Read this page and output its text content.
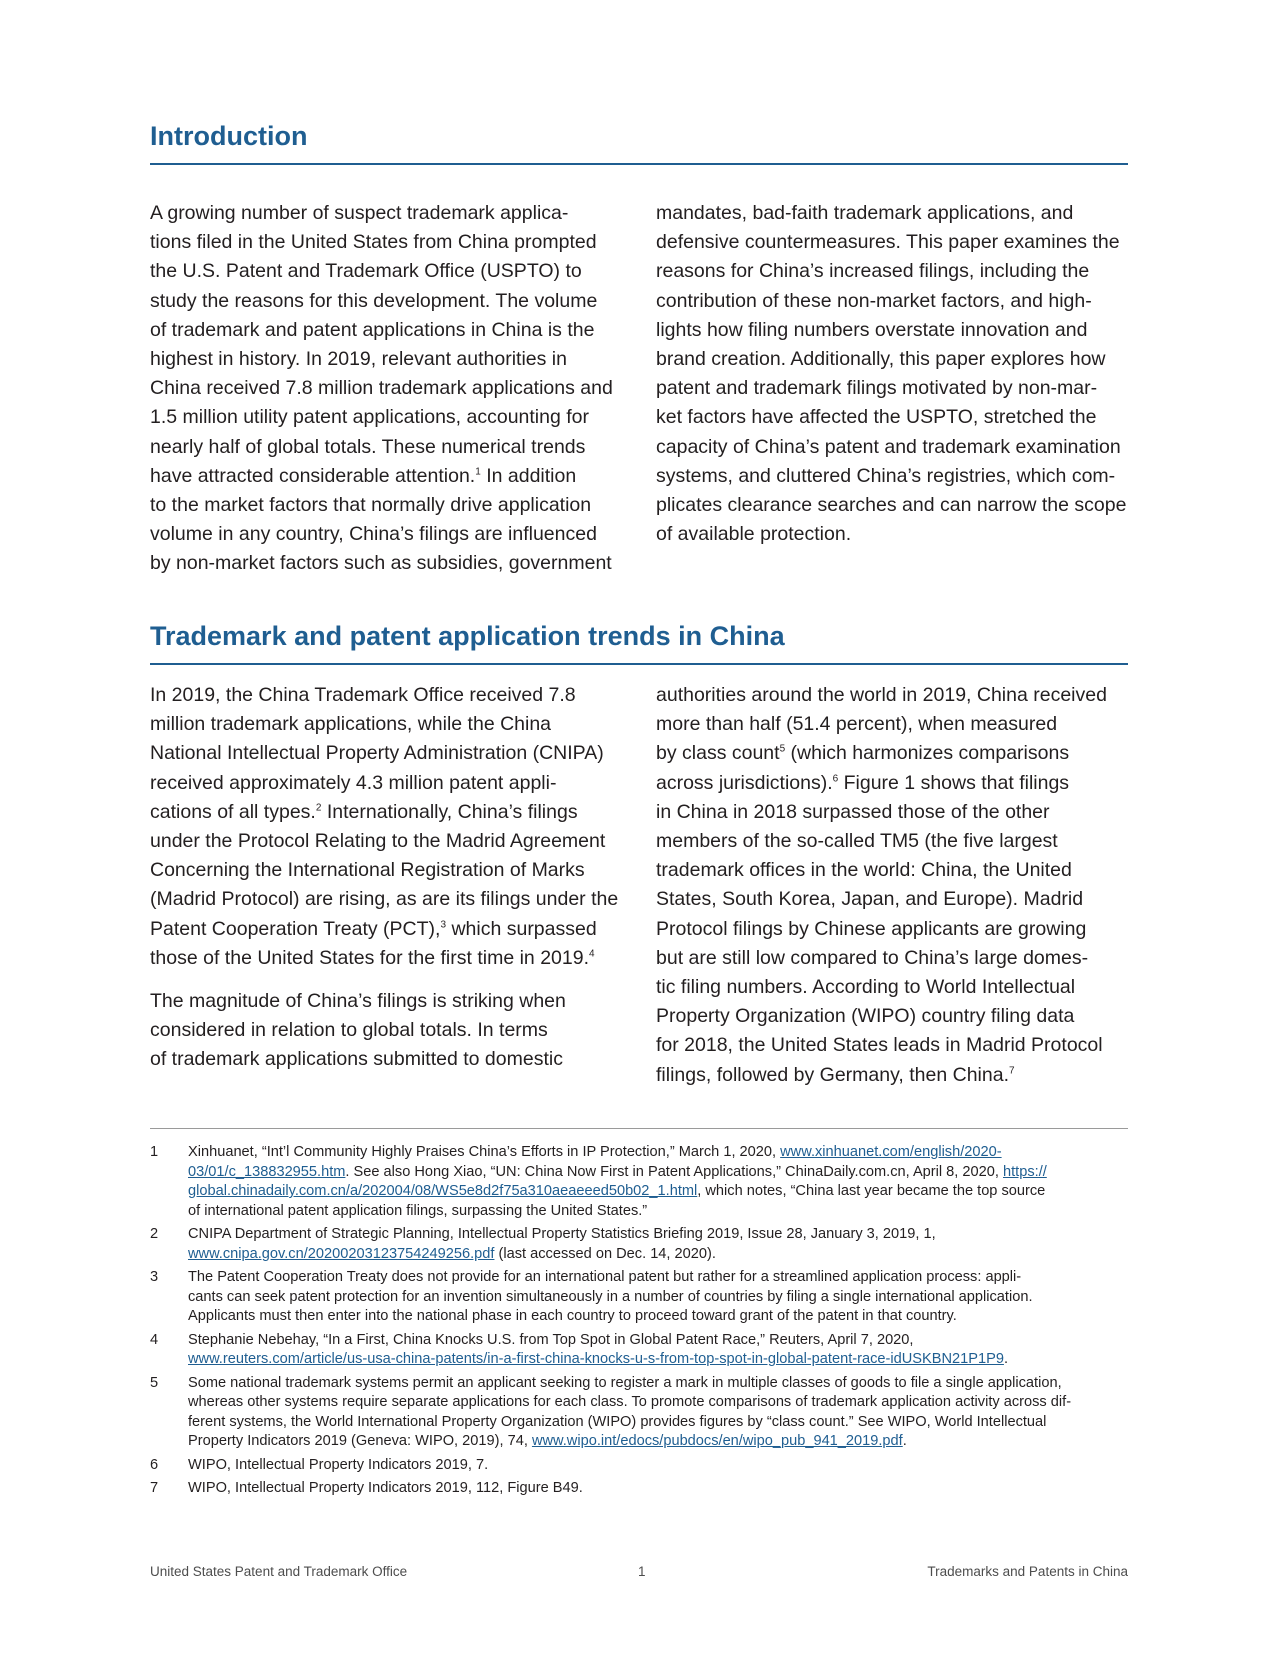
Introduction

A growing number of suspect trademark applica-
tions filed in the United States from China prompted
the U.S. Patent and Trademark Office (USPTO) to
study the reasons for this development. The volume
of trademark and patent applications in China is the
highest in history. In 2019, relevant authorities in
China received 7.8 million trademark applications and
1.5 million utility patent applications, accounting for
nearly half of global totals. These numerical trends
have attracted considerable attention.$^1$ In addition
to the market factors that normally drive application
volume in any country, China’s filings are influenced
by non-market factors such as subsidies, government

mandates, bad-faith trademark applications, and
defensive countermeasures. This paper examines the
reasons for China’s increased filings, including the
contribution of these non-market factors, and high-
lights how filing numbers overstate innovation and
brand creation. Additionally, this paper explores how
patent and trademark filings motivated by non-mar-
ket factors have affected the USPTO, stretched the
capacity of China’s patent and trademark examination
systems, and cluttered China’s registries, which com-
plicates clearance searches and can narrow the scope
of available protection.

Trademark and patent application trends in China

In 2019, the China Trademark Office received 7.8
million trademark applications, while the China
National Intellectual Property Administration (CNIPA)
received approximately 4.3 million patent appli-
cations of all types.$^2$ Internationally, China’s filings
under the Protocol Relating to the Madrid Agreement
Concerning the International Registration of Marks
(Madrid Protocol) are rising, as are its filings under the
Patent Cooperation Treaty (PCT),$^3$ which surpassed
those of the United States for the first time in 2019.$^4$

The magnitude of China’s filings is striking when
considered in relation to global totals. In terms
of trademark applications submitted to domestic

authorities around the world in 2019, China received
more than half (51.4 percent), when measured
by class count$^5$ (which harmonizes comparisons
across jurisdictions).$^6$ Figure 1 shows that filings
in China in 2018 surpassed those of the other
members of the so-called TM5 (the five largest
trademark offices in the world: China, the United
States, South Korea, Japan, and Europe). Madrid
Protocol filings by Chinese applicants are growing
but are still low compared to China’s large domes-
tic filing numbers. According to World Intellectual
Property Organization (WIPO) country filing data
for 2018, the United States leads in Madrid Protocol
filings, followed by Germany, then China.$^7$

1	Xinhuanet, “Int’l Community Highly Praises China’s Efforts in IP Protection,” March 1, 2020, www.xinhuanet.com/english/2020-
03/01/c_138832955.htm. See also Hong Xiao, “UN: China Now First in Patent Applications,” ChinaDaily.com.cn, April 8, 2020, https://
global.chinadaily.com.cn/a/202004/08/WS5e8d2f75a310aeaeeed50b02_1.html, which notes, “China last year became the top source
of international patent application filings, surpassing the United States.”
2	CNIPA Department of Strategic Planning, Intellectual Property Statistics Briefing 2019, Issue 28, January 3, 2019, 1,
www.cnipa.gov.cn/20200203123754249256.pdf (last accessed on Dec. 14, 2020).
3	The Patent Cooperation Treaty does not provide for an international patent but rather for a streamlined application process: appli-
cants can seek patent protection for an invention simultaneously in a number of countries by filing a single international application.
Applicants must then enter into the national phase in each country to proceed toward grant of the patent in that country.
4	Stephanie Nebehay, “In a First, China Knocks U.S. from Top Spot in Global Patent Race,” Reuters, April 7, 2020,
www.reuters.com/article/us-usa-china-patents/in-a-first-china-knocks-u-s-from-top-spot-in-global-patent-race-idUSKBN21P1P9.
5	Some national trademark systems permit an applicant seeking to register a mark in multiple classes of goods to file a single application,
whereas other systems require separate applications for each class. To promote comparisons of trademark application activity across dif-
ferent systems, the World International Property Organization (WIPO) provides figures by “class count.” See WIPO, World Intellectual
Property Indicators 2019 (Geneva: WIPO, 2019), 74, www.wipo.int/edocs/pubdocs/en/wipo_pub_941_2019.pdf.
6	WIPO, Intellectual Property Indicators 2019, 7.
7	WIPO, Intellectual Property Indicators 2019, 112, Figure B49.
United States Patent and Trademark Office	1	Trademarks and Patents in China
